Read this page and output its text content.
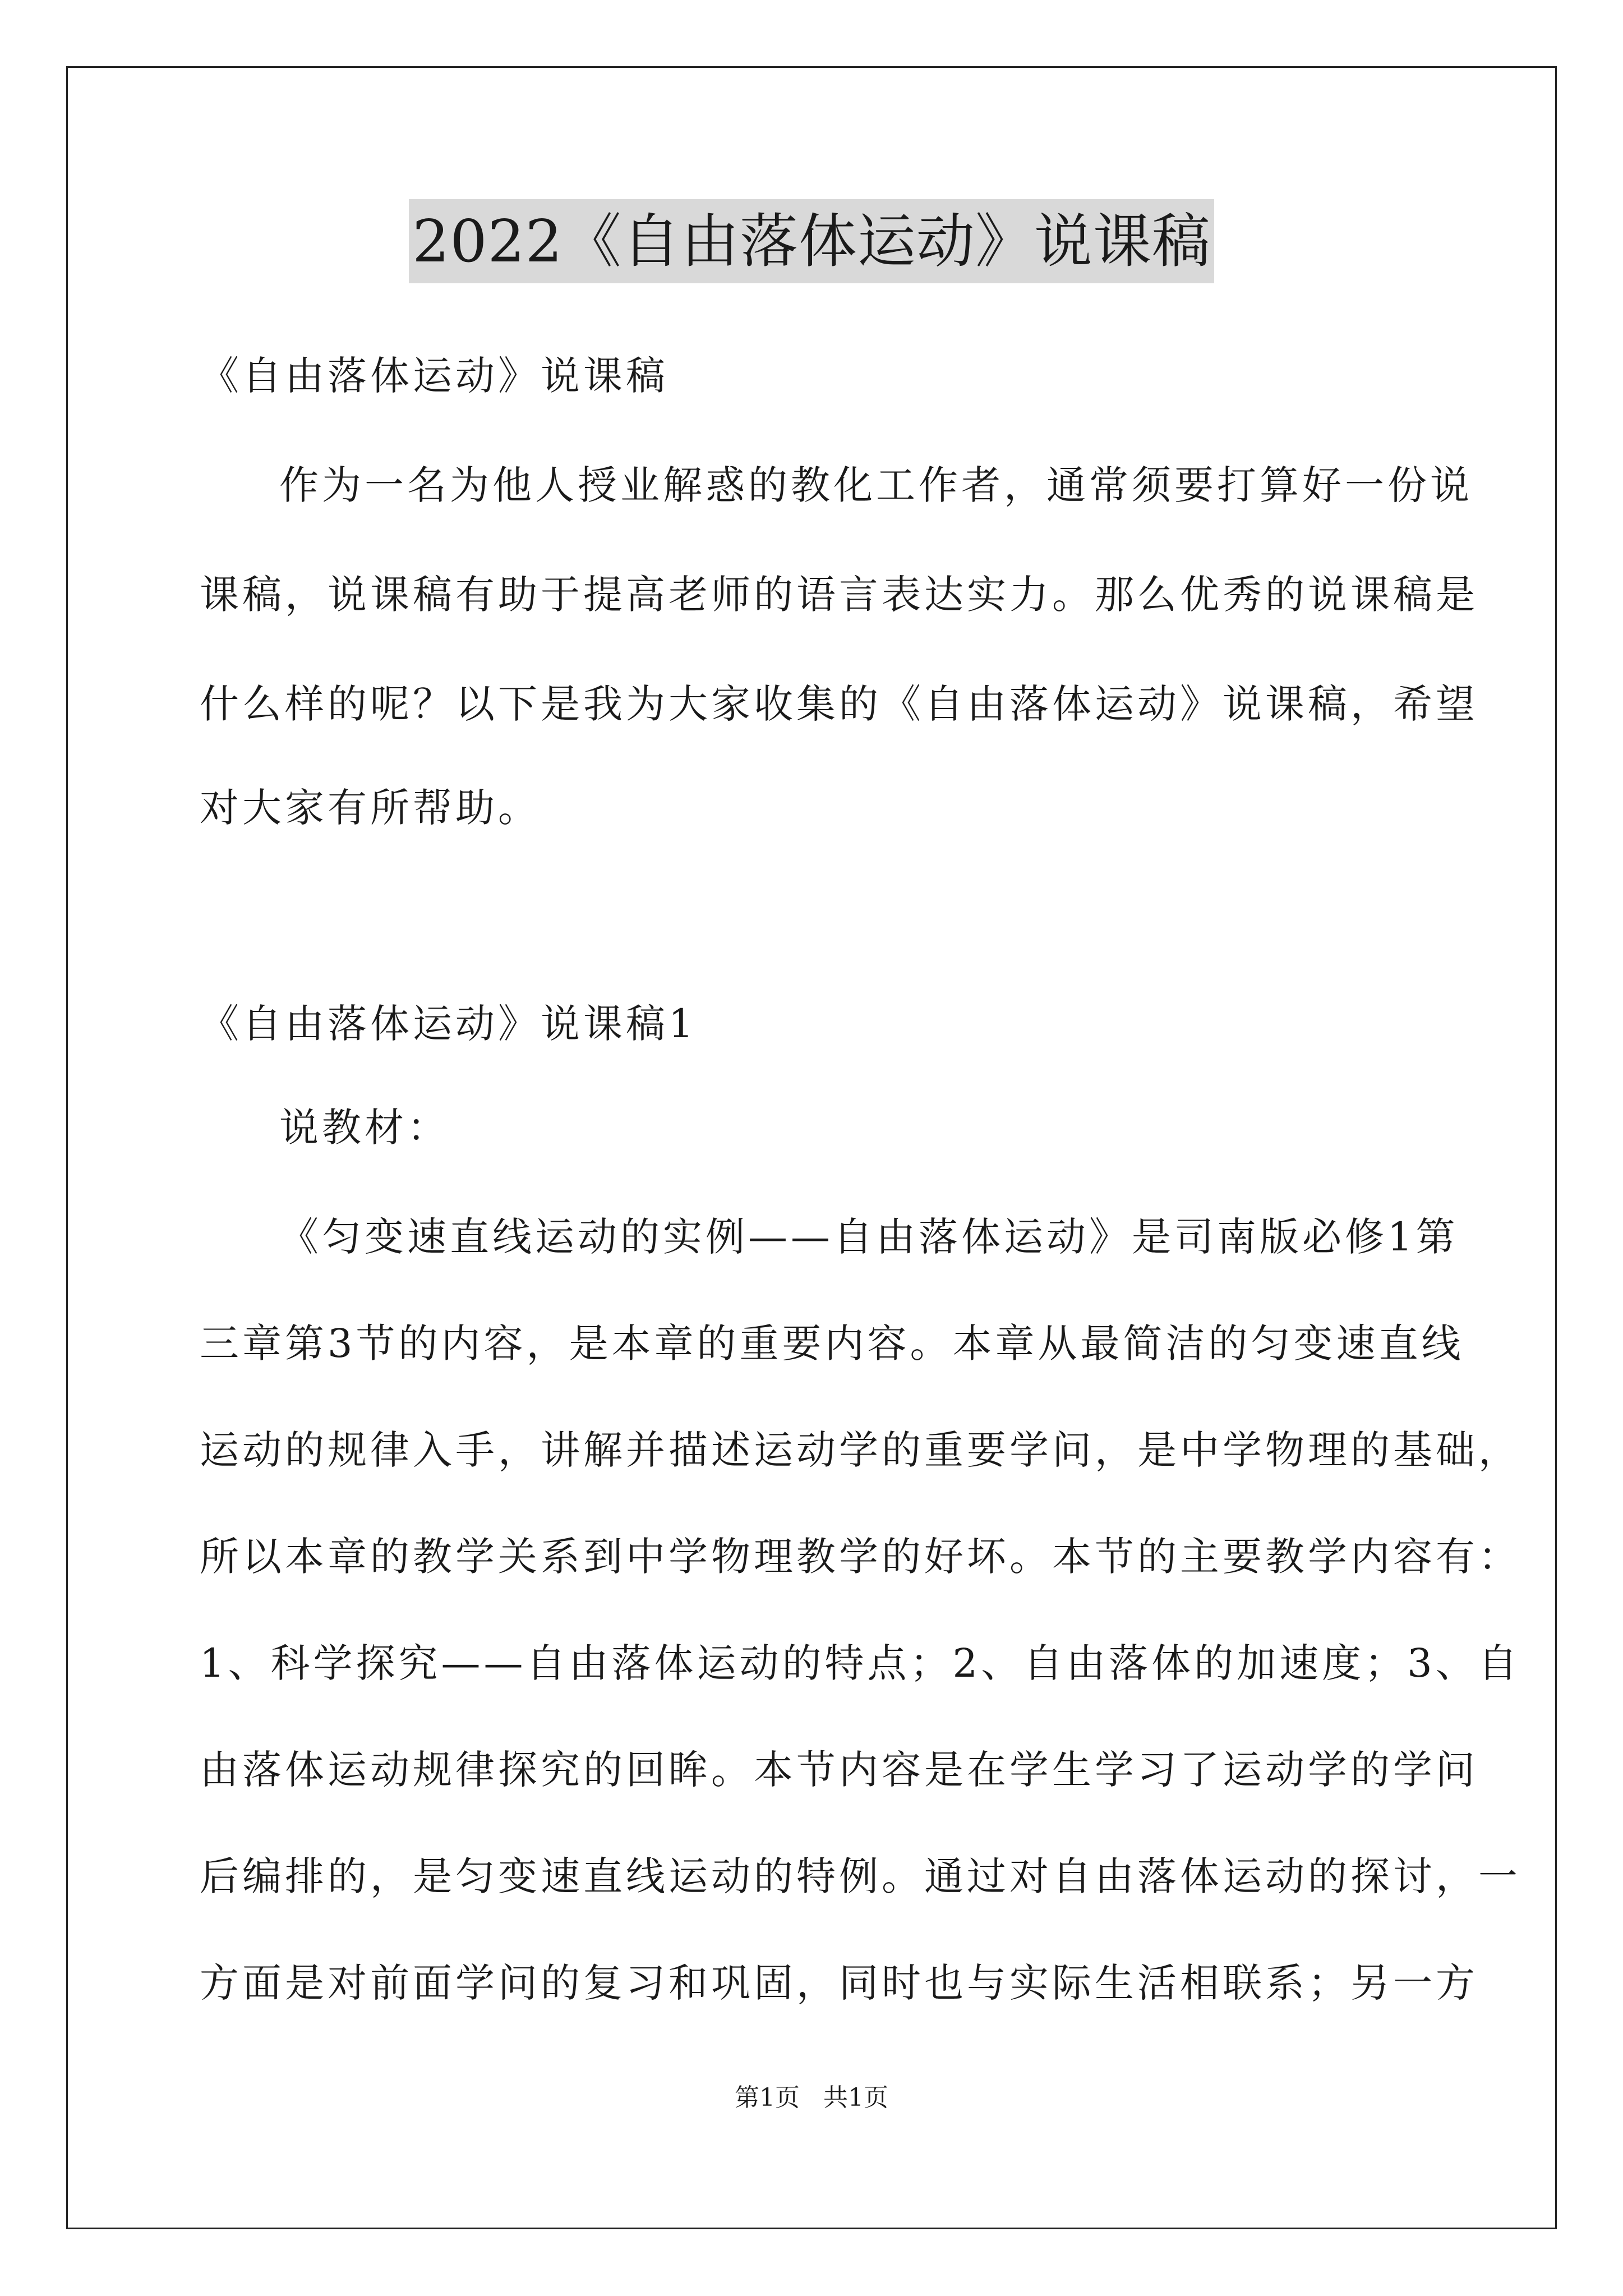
2022《自由落体运动》说课稿
《自由落体运动》说课稿
作为一名为他人授业解惑的教化工作者，通常须要打算好一份说
课稿，说课稿有助于提高老师的语言表达实力。那么优秀的说课稿是
什么样的呢？以下是我为大家收集的《自由落体运动》说课稿，希望
对大家有所帮助。
《自由落体运动》说课稿1
说教材：
《匀变速直线运动的实例——自由落体运动》是司南版必修1第
三章第3节的内容，是本章的重要内容。本章从最简洁的匀变速直线
运动的规律入手，讲解并描述运动学的重要学问，是中学物理的基础，
所以本章的教学关系到中学物理教学的好坏。本节的主要教学内容有：
1、科学探究——自由落体运动的特点；2、自由落体的加速度；3、自
由落体运动规律探究的回眸。本节内容是在学生学习了运动学的学问
后编排的，是匀变速直线运动的特例。通过对自由落体运动的探讨，一
方面是对前面学问的复习和巩固，同时也与实际生活相联系；另一方
第1页   共1页
